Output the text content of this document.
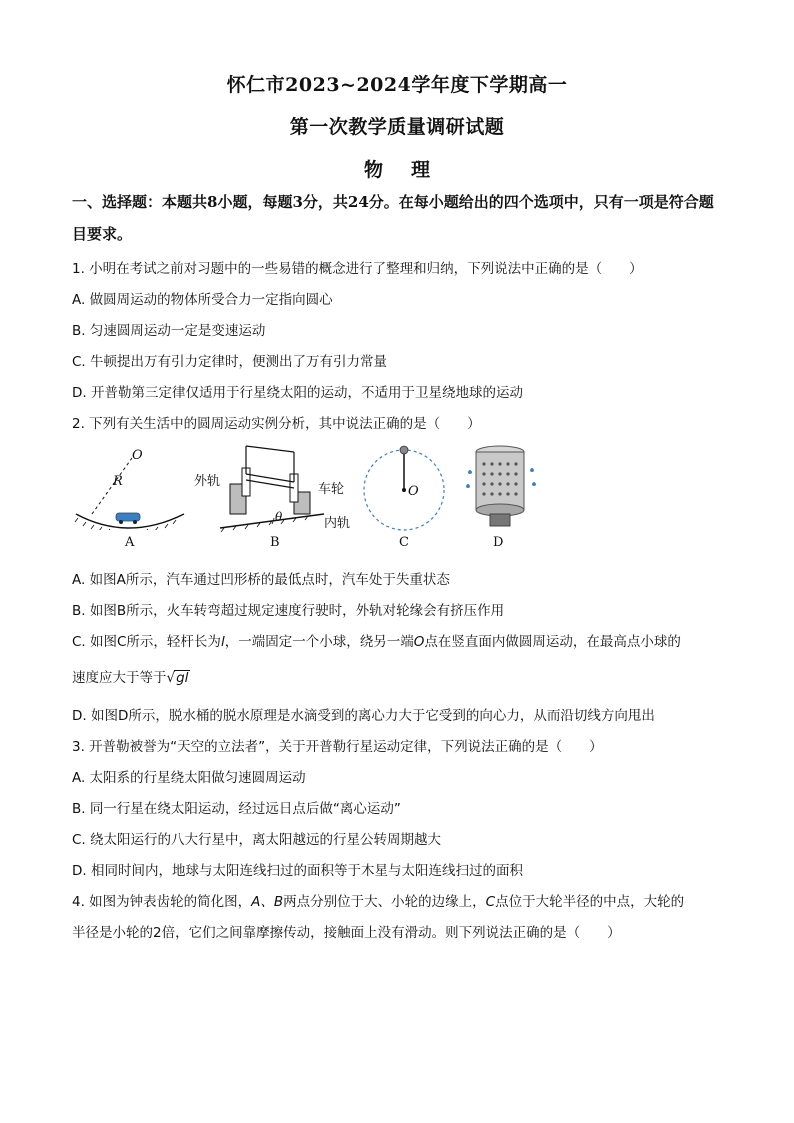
怀仁市2023~2024学年度下学期高一
第一次教学质量调研试题
物理
一、选择题：本题共8小题，每题3分，共24分。在每小题给出的四个选项中，只有一项是符合题目要求。
1. 小明在考试之前对习题中的一些易错的概念进行了整理和归纳，下列说法中正确的是（　　）
A. 做圆周运动的物体所受合力一定指向圆心
B. 匀速圆周运动一定是变速运动
C. 牛顿提出万有引力定律时，便测出了万有引力常量
D. 开普勒第三定律仅适用于行星绕太阳的运动，不适用于卫星绕地球的运动
2. 下列有关生活中的圆周运动实例分析，其中说法正确的是（　　）
O
R
A
外轨
车轮
内轨
θ
B
O
C	D
A. 如图A所示，汽车通过凹形桥的最低点时，汽车处于失重状态
B. 如图B所示，火车转弯超过规定速度行驶时，外轨对轮缘会有挤压作用
C. 如图C所示，轻杆长为l，一端固定一个小球，绕另一端O点在竖直面内做圆周运动，在最高点小球的
速度应大于等于√gl
D. 如图D所示，脱水桶的脱水原理是水滴受到的离心力大于它受到的向心力，从而沿切线方向甩出
3. 开普勒被誉为“天空的立法者”，关于开普勒行星运动定律，下列说法正确的是（　　）
A. 太阳系的行星绕太阳做匀速圆周运动
B. 同一行星在绕太阳运动，经过远日点后做“离心运动”
C. 绕太阳运行的八大行星中，离太阳越远的行星公转周期越大
D. 相同时间内，地球与太阳连线扫过的面积等于木星与太阳连线扫过的面积
4. 如图为钟表齿轮的简化图，A、B两点分别位于大、小轮的边缘上，C点位于大轮半径的中点，大轮的
半径是小轮的2倍，它们之间靠摩擦传动，接触面上没有滑动。则下列说法正确的是（　　）
